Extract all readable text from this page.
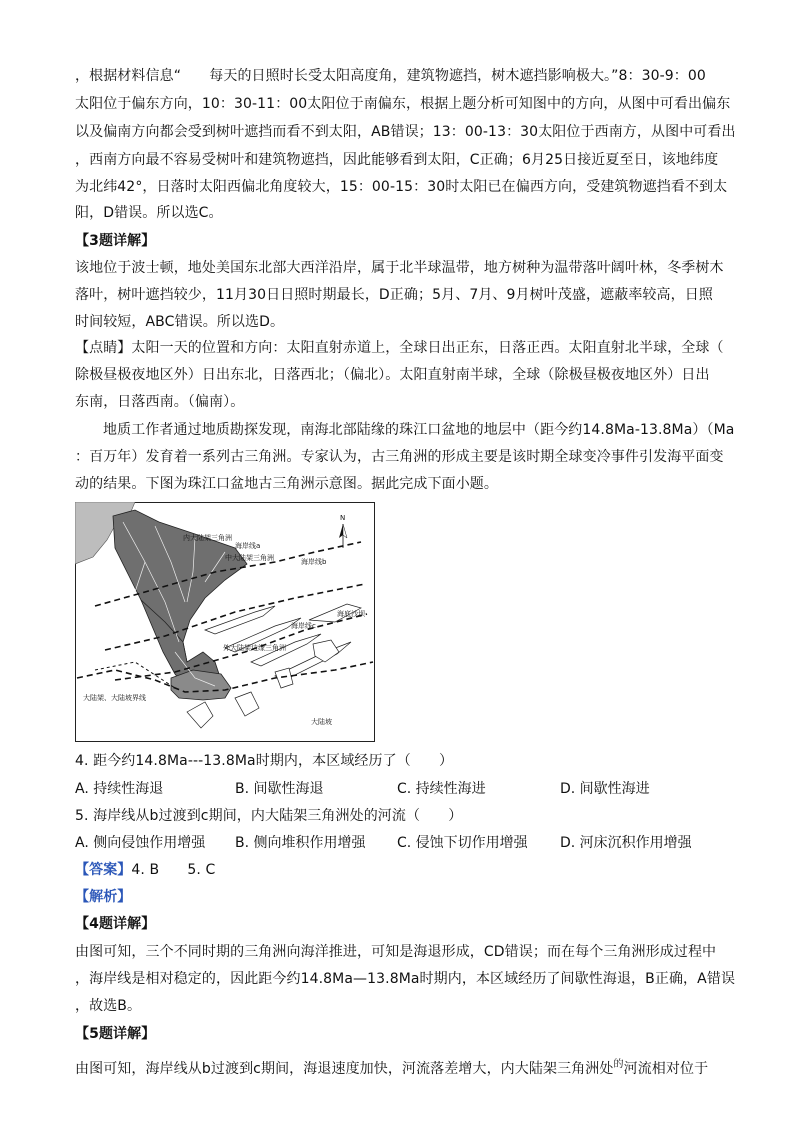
，根据材料信息“　　每天的日照时长受太阳高度角，建筑物遮挡，树木遮挡影响极大。”8：30-9：00
太阳位于偏东方向，10：30-11：00太阳位于南偏东，根据上题分析可知图中的方向，从图中可看出偏东
以及偏南方向都会受到树叶遮挡而看不到太阳，AB错误；13：00-13：30太阳位于西南方，从图中可看出
，西南方向最不容易受树叶和建筑物遮挡，因此能够看到太阳，C正确；6月25日接近夏至日，该地纬度
为北纬42°，日落时太阳西偏北角度较大，15：00-15：30时太阳已在偏西方向，受建筑物遮挡看不到太
阳，D错误。所以选C。
【3题详解】
该地位于波士顿，地处美国东北部大西洋沿岸，属于北半球温带，地方树种为温带落叶阔叶林，冬季树木
落叶，树叶遮挡较少，11月30日日照时期最长，D正确；5月、7月、9月树叶茂盛，遮蔽率较高，日照
时间较短，ABC错误。所以选D。
【点睛】太阳一天的位置和方向：太阳直射赤道上，全球日出正东，日落正西。太阳直射北半球，全球（
除极昼极夜地区外）日出东北，日落西北；（偏北）。太阳直射南半球，全球（除极昼极夜地区外）日出
东南，日落西南。（偏南）。
地质工作者通过地质勘探发现，南海北部陆缘的珠江口盆地的地层中（距今约14.8Ma-13.8Ma）（Ma
：百万年）发育着一系列古三角洲。专家认为，古三角洲的形成主要是该时期全球变冷事件引发海平面变
动的结果。下图为珠江口盆地古三角洲示意图。据此完成下面小题。
N
内大陆架三角洲
海岸线a
中大陆架三角洲	海岸线b
海底沙坝
海岸线c
外大陆架边缘三角洲
大陆架、大陆坡界线
大陆坡
4. 距今约14.8Ma---13.8Ma时期内，本区域经历了（　　）
A. 持续性海退	B. 间歇性海退	C. 持续性海进	D. 间歇性海进
5. 海岸线从b过渡到c期间，内大陆架三角洲处的河流（　　）
A. 侧向侵蚀作用增强 B. 侧向堆积作用增强 C. 侵蚀下切作用增强 D. 河床沉积作用增强
【答案】4. B　　5. C
【解析】
【4题详解】
由图可知，三个不同时期的三角洲向海洋推进，可知是海退形成，CD错误；而在每个三角洲形成过程中
，海岸线是相对稳定的，因此距今约14.8Ma—13.8Ma时期内，本区域经历了间歇性海退，B正确，A错误
，故选B。
【5题详解】
由图可知，海岸线从b过渡到c期间，海退速度加快，河流落差增大，内大陆架三角洲处$^的$河流相对位于
